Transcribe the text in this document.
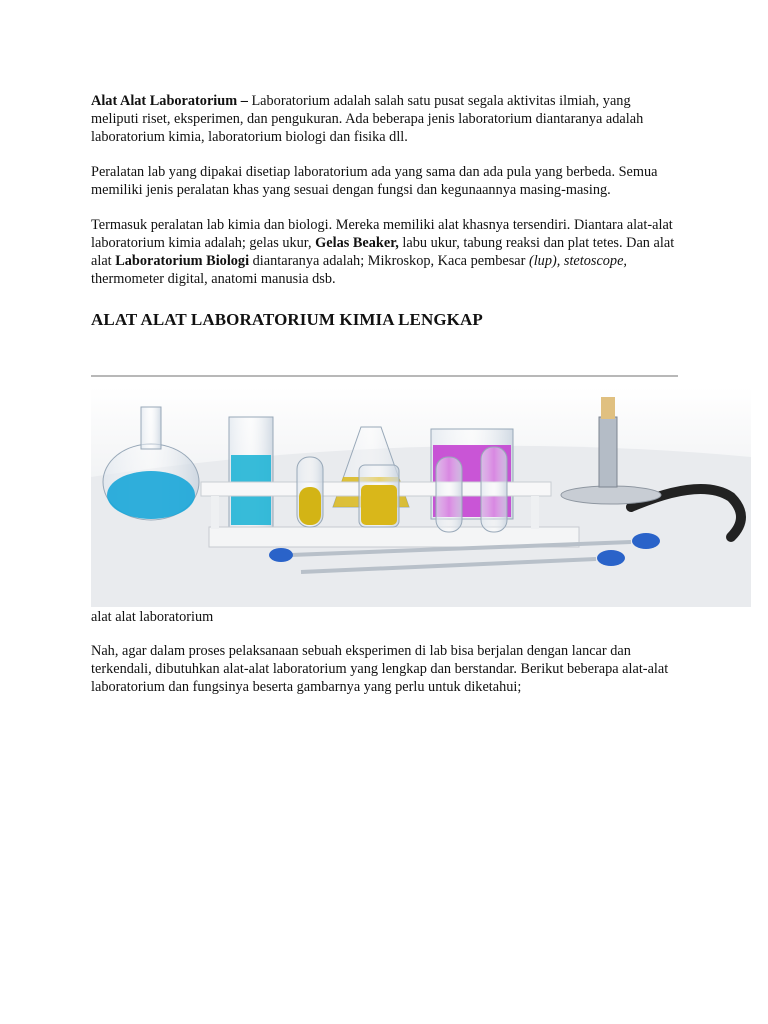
Alat Alat Laboratorium – Laboratorium adalah salah satu pusat segala aktivitas ilmiah, yang meliputi riset, eksperimen, dan pengukuran. Ada beberapa jenis laboratorium diantaranya adalah laboratorium kimia, laboratorium biologi dan fisika dll.

Peralatan lab yang dipakai disetiap laboratorium ada yang sama dan ada pula yang berbeda. Semua memiliki jenis peralatan khas yang sesuai dengan fungsi dan kegunaannya masing-masing.

Termasuk peralatan lab kimia dan biologi. Mereka memiliki alat khasnya tersendiri. Diantara alat-alat laboratorium kimia adalah; gelas ukur, Gelas Beaker, labu ukur, tabung reaksi dan plat tetes. Dan alat alat Laboratorium Biologi diantaranya adalah; Mikroskop, Kaca pembesar (lup), stetoscope, thermometer digital, anatomi manusia dsb.

ALAT ALAT LABORATORIUM KIMIA LENGKAP
alat alat laboratorium

Nah, agar dalam proses pelaksanaan sebuah eksperimen di lab bisa berjalan dengan lancar dan terkendali, dibutuhkan alat-alat laboratorium yang lengkap dan berstandar. Berikut beberapa alat-alat laboratorium dan fungsinya beserta gambarnya yang perlu untuk diketahui;
